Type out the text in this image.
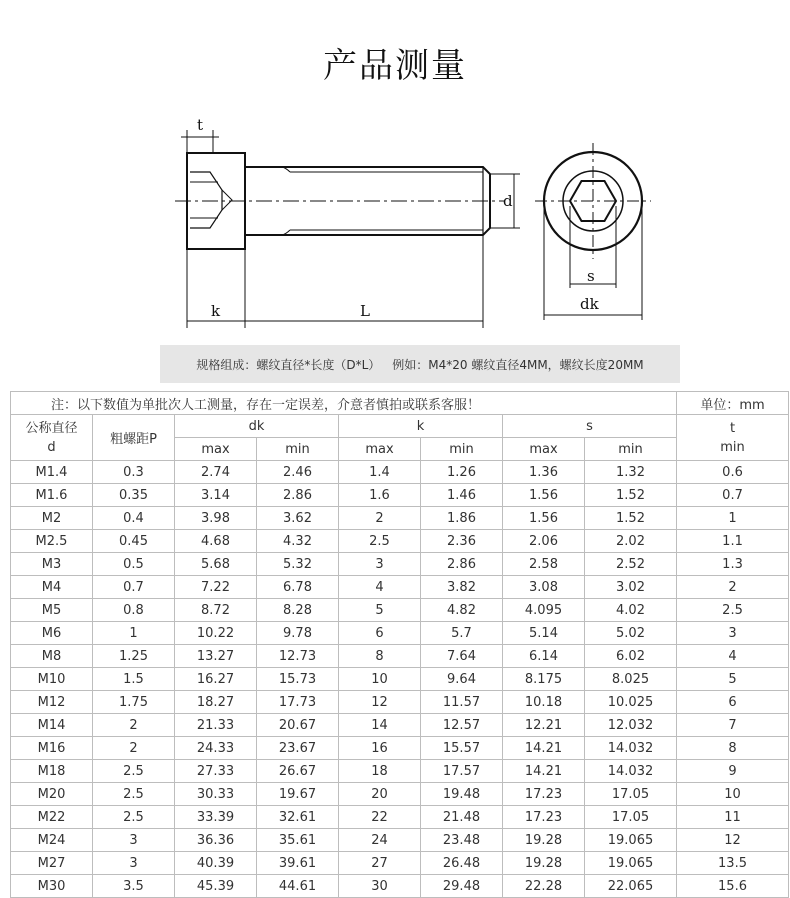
产品测量
t
d
k	L
s
dk
规格组成：螺纹直径*长度（D*L） 例如：M4*20 螺纹直径4MM，螺纹长度20MM
注：以下数值为单批次人工测量，存在一定误差，介意者慎拍或联系客服！								单位：mm

公称直径
d	粗螺距P	dk		k		s		t
min

		max	min	max	min	max	min	
M1.4	0.3	2.74	2.46	1.4	1.26	1.36	1.32	0.6
M1.6	0.35	3.14	2.86	1.6	1.46	1.56	1.52	0.7
M2	0.4	3.98	3.62	2	1.86	1.56	1.52	1
M2.5	0.45	4.68	4.32	2.5	2.36	2.06	2.02	1.1
M3	0.5	5.68	5.32	3	2.86	2.58	2.52	1.3
M4	0.7	7.22	6.78	4	3.82	3.08	3.02	2
M5	0.8	8.72	8.28	5	4.82	4.095	4.02	2.5
M6	1	10.22	9.78	6	5.7	5.14	5.02	3
M8	1.25	13.27	12.73	8	7.64	6.14	6.02	4
M10	1.5	16.27	15.73	10	9.64	8.175	8.025	5
M12	1.75	18.27	17.73	12	11.57	10.18	10.025	6
M14	2	21.33	20.67	14	12.57	12.21	12.032	7
M16	2	24.33	23.67	16	15.57	14.21	14.032	8
M18	2.5	27.33	26.67	18	17.57	14.21	14.032	9
M20	2.5	30.33	19.67	20	19.48	17.23	17.05	10
M22	2.5	33.39	32.61	22	21.48	17.23	17.05	11
M24	3	36.36	35.61	24	23.48	19.28	19.065	12
M27	3	40.39	39.61	27	26.48	19.28	19.065	13.5
M30	3.5	45.39	44.61	30	29.48	22.28	22.065	15.6
